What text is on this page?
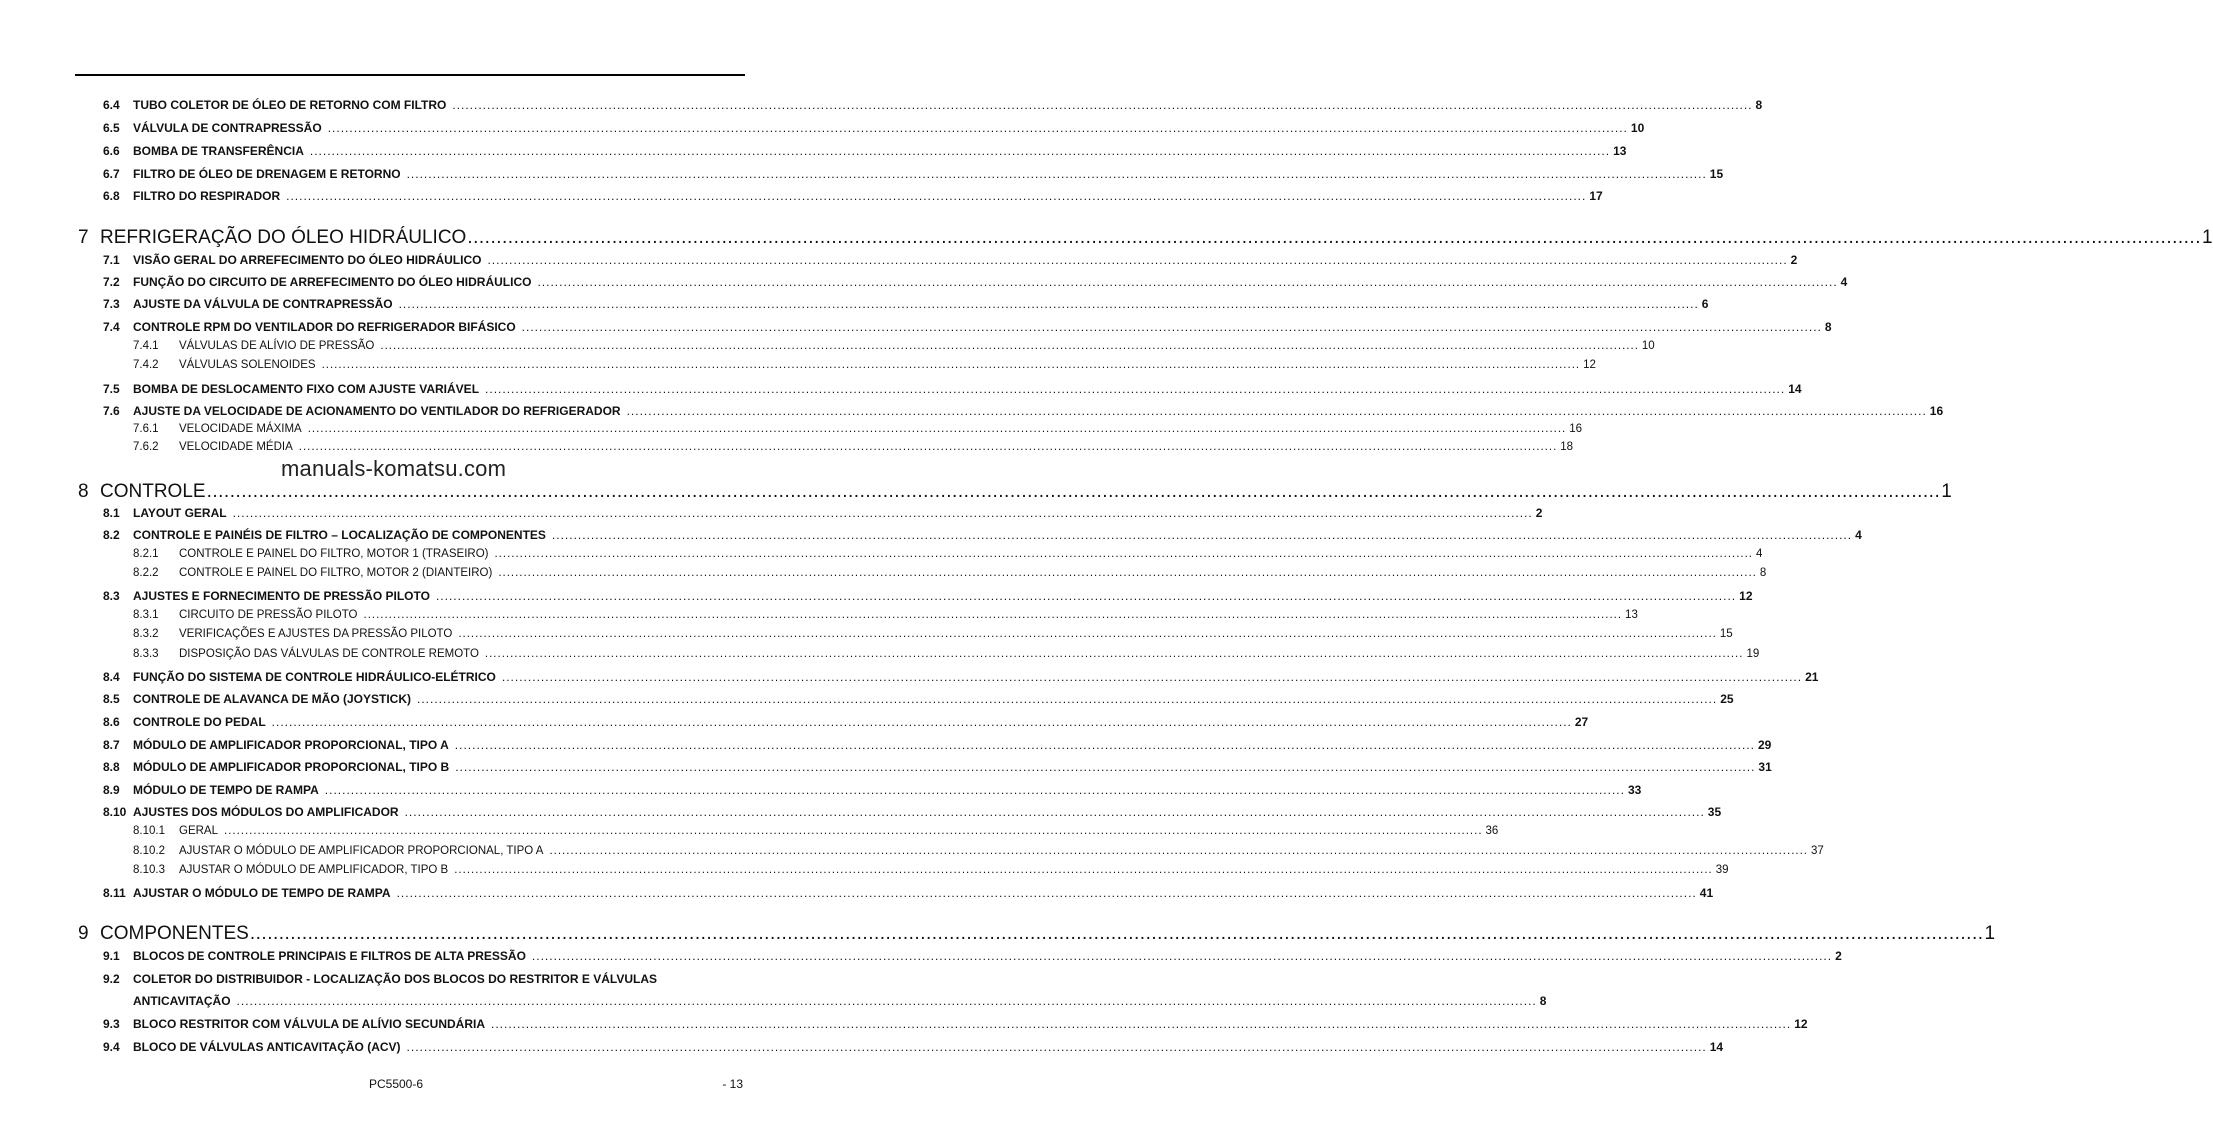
6.4 TUBO COLETOR DE ÓLEO DE RETORNO COM FILTRO ............................................................................................................................................................................................................................................................................................................ 8
6.5 VÁLVULA DE CONTRAPRESSÃO ............................................................................................................................................................................................................................................................................................................ 10
6.6 BOMBA DE TRANSFERÊNCIA ............................................................................................................................................................................................................................................................................................................ 13
6.7 FILTRO DE ÓLEO DE DRENAGEM E RETORNO ............................................................................................................................................................................................................................................................................................................ 15
6.8 FILTRO DO RESPIRADOR ............................................................................................................................................................................................................................................................................................................ 17
7 REFRIGERAÇÃO DO ÓLEO HIDRÁULICO ............................................................................................................................................................................................................................................................................................................ 1
7.1 VISÃO GERAL DO ARREFECIMENTO DO ÓLEO HIDRÁULICO ............................................................................................................................................................................................................................................................................................................ 2
7.2 FUNÇÃO DO CIRCUITO DE ARREFECIMENTO DO ÓLEO HIDRÁULICO ............................................................................................................................................................................................................................................................................................................ 4
7.3 AJUSTE DA VÁLVULA DE CONTRAPRESSÃO ............................................................................................................................................................................................................................................................................................................ 6
7.4 CONTROLE RPM DO VENTILADOR DO REFRIGERADOR BIFÁSICO ............................................................................................................................................................................................................................................................................................................ 8
7.4.1 VÁLVULAS DE ALÍVIO DE PRESSÃO ............................................................................................................................................................................................................................................................................................................ 10
7.4.2 VÁLVULAS SOLENOIDES ............................................................................................................................................................................................................................................................................................................ 12
7.5 BOMBA DE DESLOCAMENTO FIXO COM AJUSTE VARIÁVEL ............................................................................................................................................................................................................................................................................................................ 14
7.6 AJUSTE DA VELOCIDADE DE ACIONAMENTO DO VENTILADOR DO REFRIGERADOR ............................................................................................................................................................................................................................................................................................................ 16
7.6.1 VELOCIDADE MÁXIMA ............................................................................................................................................................................................................................................................................................................ 16
7.6.2 VELOCIDADE MÉDIA ............................................................................................................................................................................................................................................................................................................ 18
8 CONTROLE ............................................................................................................................................................................................................................................................................................................ 1
8.1 LAYOUT GERAL ............................................................................................................................................................................................................................................................................................................ 2
8.2 CONTROLE E PAINÉIS DE FILTRO – LOCALIZAÇÃO DE COMPONENTES ............................................................................................................................................................................................................................................................................................................ 4
8.2.1 CONTROLE E PAINEL DO FILTRO, MOTOR 1 (TRASEIRO) ............................................................................................................................................................................................................................................................................................................ 4
8.2.2 CONTROLE E PAINEL DO FILTRO, MOTOR 2 (DIANTEIRO) ............................................................................................................................................................................................................................................................................................................ 8
8.3 AJUSTES E FORNECIMENTO DE PRESSÃO PILOTO ............................................................................................................................................................................................................................................................................................................ 12
8.3.1 CIRCUITO DE PRESSÃO PILOTO ............................................................................................................................................................................................................................................................................................................ 13
8.3.2 VERIFICAÇÕES E AJUSTES DA PRESSÃO PILOTO ............................................................................................................................................................................................................................................................................................................ 15
8.3.3 DISPOSIÇÃO DAS VÁLVULAS DE CONTROLE REMOTO ............................................................................................................................................................................................................................................................................................................ 19
8.4 FUNÇÃO DO SISTEMA DE CONTROLE HIDRÁULICO-ELÉTRICO ............................................................................................................................................................................................................................................................................................................ 21
8.5 CONTROLE DE ALAVANCA DE MÃO (JOYSTICK) ............................................................................................................................................................................................................................................................................................................ 25
8.6 CONTROLE DO PEDAL ............................................................................................................................................................................................................................................................................................................ 27
8.7 MÓDULO DE AMPLIFICADOR PROPORCIONAL, TIPO A ............................................................................................................................................................................................................................................................................................................ 29
8.8 MÓDULO DE AMPLIFICADOR PROPORCIONAL, TIPO B ............................................................................................................................................................................................................................................................................................................ 31
8.9 MÓDULO DE TEMPO DE RAMPA ............................................................................................................................................................................................................................................................................................................ 33
8.10 AJUSTES DOS MÓDULOS DO AMPLIFICADOR ............................................................................................................................................................................................................................................................................................................ 35
8.10.1 GERAL ............................................................................................................................................................................................................................................................................................................ 36
8.10.2 AJUSTAR O MÓDULO DE AMPLIFICADOR PROPORCIONAL, TIPO A ............................................................................................................................................................................................................................................................................................................ 37
8.10.3 AJUSTAR O MÓDULO DE AMPLIFICADOR, TIPO B ............................................................................................................................................................................................................................................................................................................ 39
8.11 AJUSTAR O MÓDULO DE TEMPO DE RAMPA ............................................................................................................................................................................................................................................................................................................ 41
9 COMPONENTES ............................................................................................................................................................................................................................................................................................................ 1
9.1 BLOCOS DE CONTROLE PRINCIPAIS E FILTROS DE ALTA PRESSÃO ............................................................................................................................................................................................................................................................................................................ 2
9.2 COLETOR DO DISTRIBUIDOR - LOCALIZAÇÃO DOS BLOCOS DO RESTRITOR E VÁLVULAS
ANTICAVITAÇÃO ............................................................................................................................................................................................................................................................................................................ 8
9.3 BLOCO RESTRITOR COM VÁLVULA DE ALÍVIO SECUNDÁRIA ............................................................................................................................................................................................................................................................................................................ 12
9.4 BLOCO DE VÁLVULAS ANTICAVITAÇÃO (ACV) ............................................................................................................................................................................................................................................................................................................ 14
manuals-komatsu.com
PC5500-6	- 13
